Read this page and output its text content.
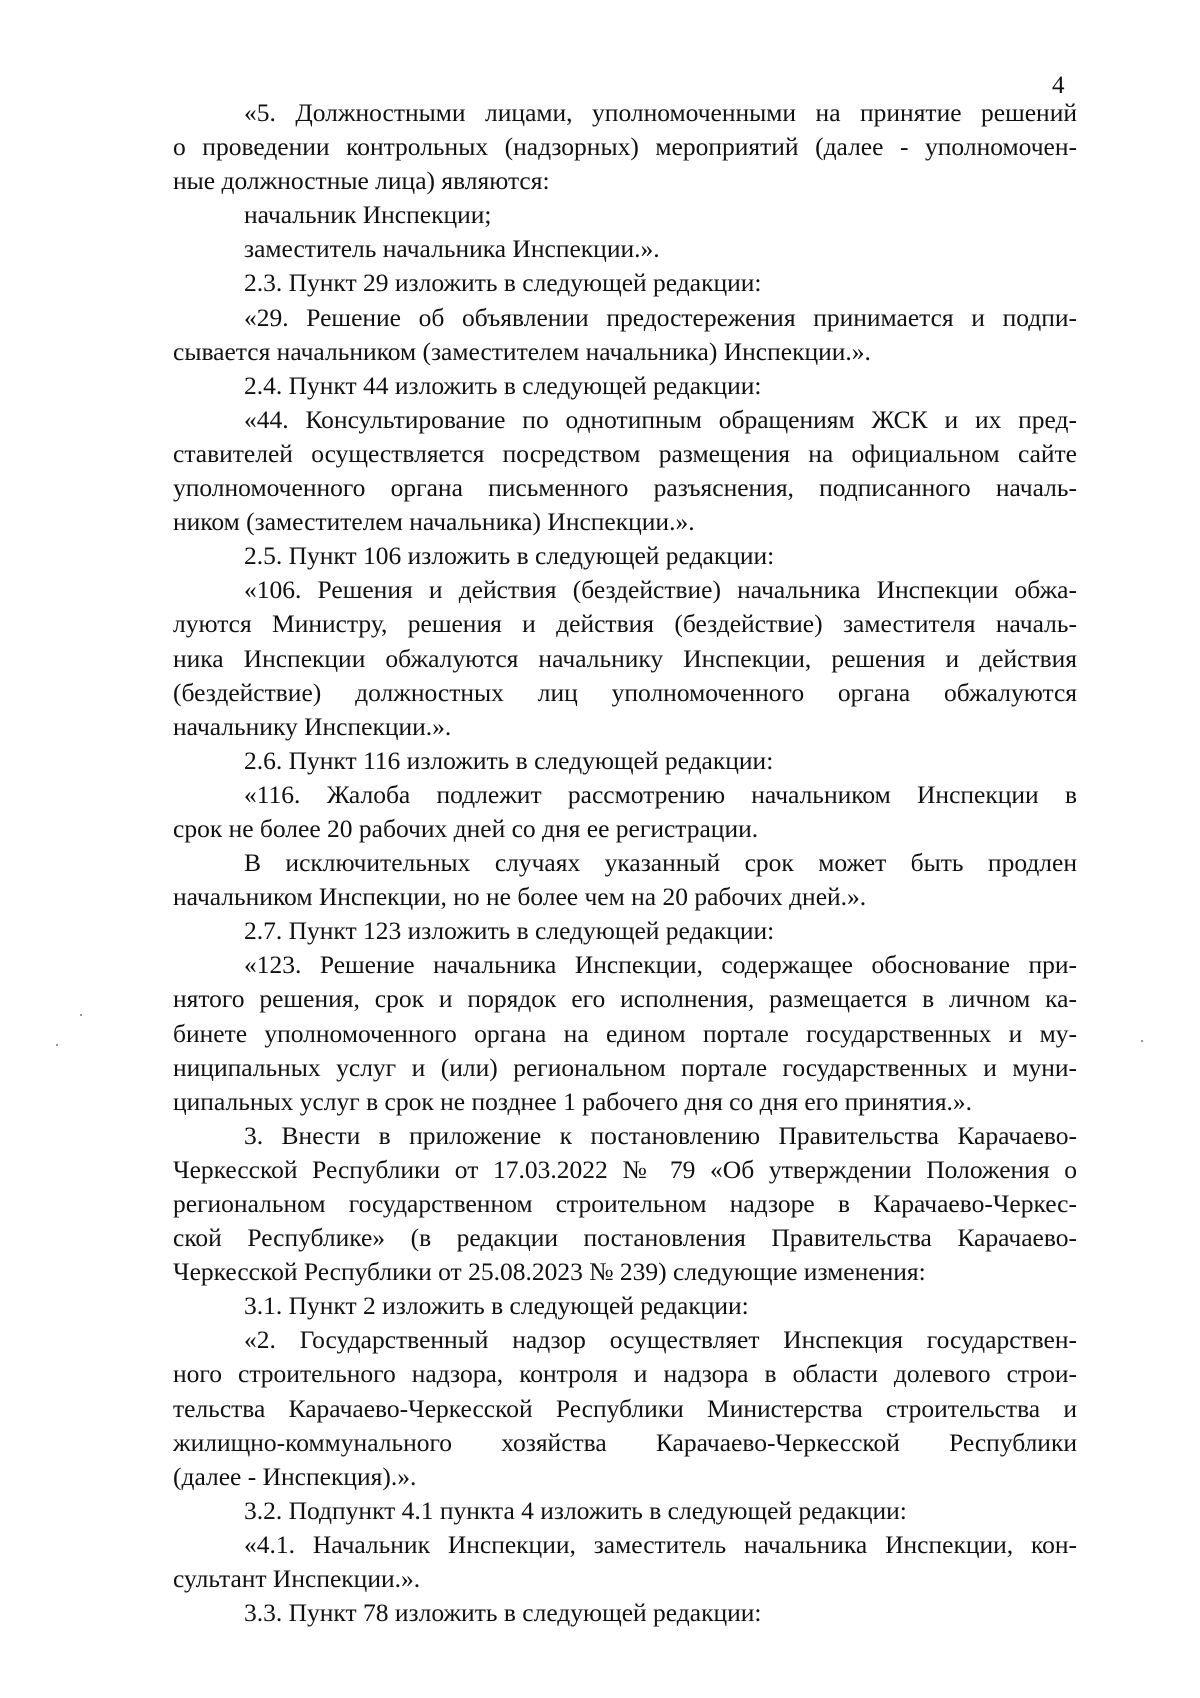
4
«5. Должностными лицами, уполномоченными на принятие решений
о проведении контрольных (надзорных) мероприятий (далее - уполномочен-
ные должностные лица) являются:
начальник Инспекции;
заместитель начальника Инспекции.».
2.3. Пункт 29 изложить в следующей редакции:
«29. Решение об объявлении предостережения принимается и подпи-
сывается начальником (заместителем начальника) Инспекции.».
2.4. Пункт 44 изложить в следующей редакции:
«44. Консультирование по однотипным обращениям ЖСК и их пред-
ставителей осуществляется посредством размещения на официальном сайте
уполномоченного органа письменного разъяснения, подписанного началь-
ником (заместителем начальника) Инспекции.».
2.5. Пункт 106 изложить в следующей редакции:
«106. Решения и действия (бездействие) начальника Инспекции обжа-
луются Министру, решения и действия (бездействие) заместителя началь-
ника Инспекции обжалуются начальнику Инспекции, решения и действия
(бездействие) должностных лиц уполномоченного органа обжалуются
начальнику Инспекции.».
2.6. Пункт 116 изложить в следующей редакции:
«116. Жалоба подлежит рассмотрению начальником Инспекции в
срок не более 20 рабочих дней со дня ее регистрации.
В исключительных случаях указанный срок может быть продлен
начальником Инспекции, но не более чем на 20 рабочих дней.».
2.7. Пункт 123 изложить в следующей редакции:
«123. Решение начальника Инспекции, содержащее обоснование при-
нятого решения, срок и порядок его исполнения, размещается в личном ка-
бинете уполномоченного органа на едином портале государственных и му-
ниципальных услуг и (или) региональном портале государственных и муни-
ципальных услуг в срок не позднее 1 рабочего дня со дня его принятия.».
3. Внести в приложение к постановлению Правительства Карачаево-
Черкесской Республики от 17.03.2022 № 79 «Об утверждении Положения о
региональном государственном строительном надзоре в Карачаево-Черкес-
ской Республике» (в редакции постановления Правительства Карачаево-
Черкесской Республики от 25.08.2023 № 239) следующие изменения:
3.1. Пункт 2 изложить в следующей редакции:
«2. Государственный надзор осуществляет Инспекция государствен-
ного строительного надзора, контроля и надзора в области долевого строи-
тельства Карачаево-Черкесской Республики Министерства строительства и
жилищно-коммунального хозяйства Карачаево-Черкесской Республики
(далее - Инспекция).».
3.2. Подпункт 4.1 пункта 4 изложить в следующей редакции:
«4.1. Начальник Инспекции, заместитель начальника Инспекции, кон-
сультант Инспекции.».
3.3. Пункт 78 изложить в следующей редакции:
